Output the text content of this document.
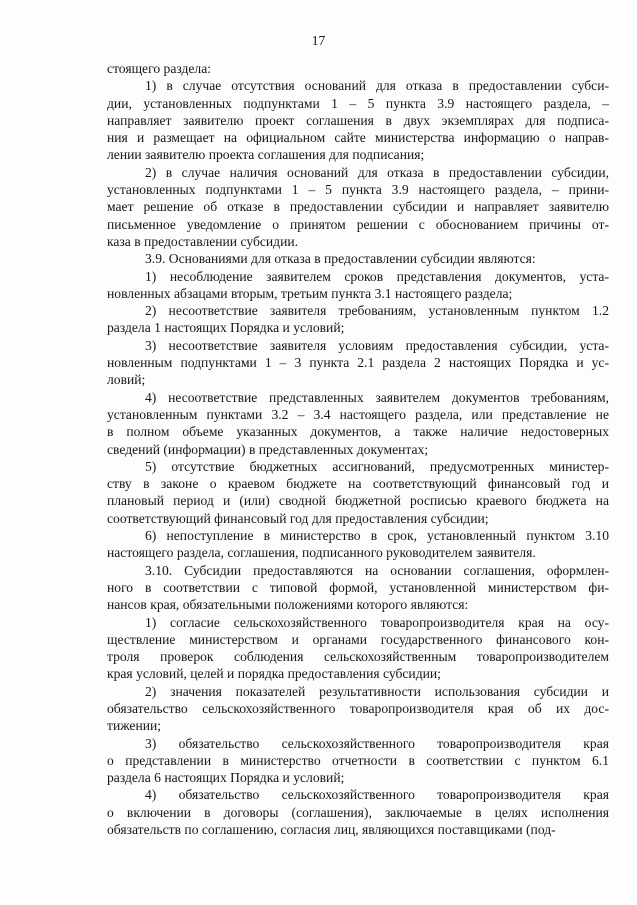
17
стоящего раздела:
1) в случае отсутствия оснований для отказа в предоставлении субси-
дии, установленных подпунктами 1 – 5 пункта 3.9 настоящего раздела, –
направляет заявителю проект соглашения в двух экземплярах для подписа-
ния и размещает на официальном сайте министерства информацию о направ-
лении заявителю проекта соглашения для подписания;
2) в случае наличия оснований для отказа в предоставлении субсидии,
установленных подпунктами 1 – 5 пункта 3.9 настоящего раздела, – прини-
мает решение об отказе в предоставлении субсидии и направляет заявителю
письменное уведомление о принятом решении с обоснованием причины от-
каза в предоставлении субсидии.
3.9. Основаниями для отказа в предоставлении субсидии являются:
1) несоблюдение заявителем сроков представления документов, уста-
новленных абзацами вторым, третьим пункта 3.1 настоящего раздела;
2) несоответствие заявителя требованиям, установленным пунктом 1.2
раздела 1 настоящих Порядка и условий;
3) несоответствие заявителя условиям предоставления субсидии, уста-
новленным подпунктами 1 – 3 пункта 2.1 раздела 2 настоящих Порядка и ус-
ловий;
4) несоответствие представленных заявителем документов требованиям,
установленным пунктами 3.2 – 3.4 настоящего раздела, или представление не
в полном объеме указанных документов, а также наличие недостоверных
сведений (информации) в представленных документах;
5) отсутствие бюджетных ассигнований, предусмотренных министер-
ству в законе о краевом бюджете на соответствующий финансовый год и
плановый период и (или) сводной бюджетной росписью краевого бюджета на
соответствующий финансовый год для предоставления субсидии;
6) непоступление в министерство в срок, установленный пунктом 3.10
настоящего раздела, соглашения, подписанного руководителем заявителя.
3.10. Субсидии предоставляются на основании соглашения, оформлен-
ного в соответствии с типовой формой, установленной министерством фи-
нансов края, обязательными положениями которого являются:
1) согласие сельскохозяйственного товаропроизводителя края на осу-
ществление министерством и органами государственного финансового кон-
троля проверок соблюдения сельскохозяйственным товаропроизводителем
края условий, целей и порядка предоставления субсидии;
2) значения показателей результативности использования субсидии и
обязательство сельскохозяйственного товаропроизводителя края об их дос-
тижении;
3) обязательство сельскохозяйственного товаропроизводителя края
о представлении в министерство отчетности в соответствии с пунктом 6.1
раздела 6 настоящих Порядка и условий;
4) обязательство сельскохозяйственного товаропроизводителя края
о включении в договоры (соглашения), заключаемые в целях исполнения
обязательств по соглашению, согласия лиц, являющихся поставщиками (под-
